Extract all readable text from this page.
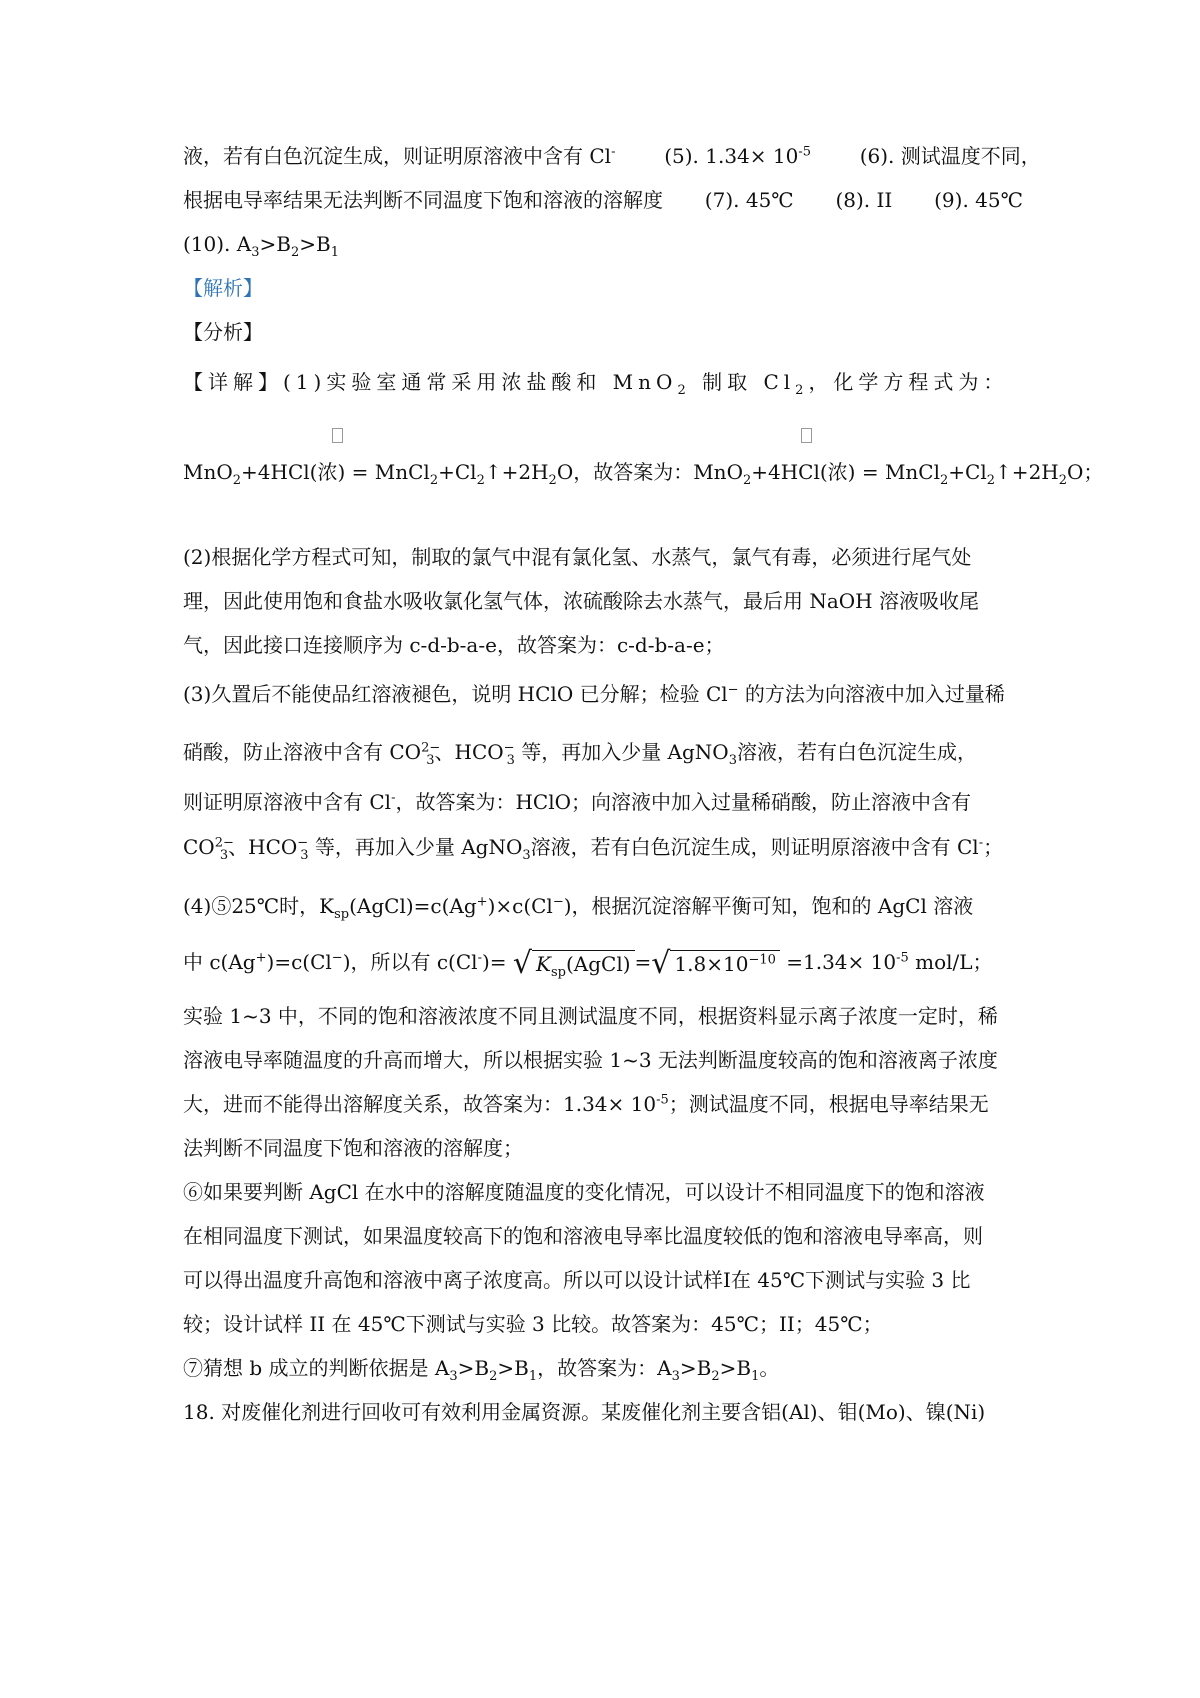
液，若有白色沉淀生成，则证明原溶液中含有 Cl- (5). $1.34\times 10^{-5}$ (6). 测试温度不同，
根据电导率结果无法判断不同温度下饱和溶液的溶解度 (7). 45℃ (8). II (9). 45℃
(10). $A_3>B_2>B_1$
【解析】
【分析】
【详解】(1)实验室通常采用浓盐酸和 MnO$_2$ 制取 $Cl_2$，化学方程式为：
MnO$_2$+4HCl(浓) = $MnCl_2+Cl_2↑+2H_2O$，故答案为：MnO$_2$+4HCl(浓) = $MnCl_2+Cl_2↑+2H_2O$；
(2)根据化学方程式可知，制取的氯气中混有氯化氢、水蒸气，氯气有毒，必须进行尾气处
理，因此使用饱和食盐水吸收氯化氢气体，浓硫酸除去水蒸气，最后用 NaOH 溶液吸收尾
气，因此接口连接顺序为 c-d-b-a-e，故答案为：c-d-b-a-e；
(3)久置后不能使品红溶液褪色，说明 HClO 已分解；检验 Cl− 的方法为向溶液中加入过量稀
硝酸，防止溶液中含有 $CO^{2-}_3$、$HCO^-_3$ 等，再加入少量 AgNO$_3$溶液，若有白色沉淀生成，
则证明原溶液中含有 Cl-，故答案为：HClO；向溶液中加入过量稀硝酸，防止溶液中含有
$CO^{2-}_3$、$HCO^-_3$ 等，再加入少量 AgNO$_3$溶液，若有白色沉淀生成，则证明原溶液中含有 Cl-；
(4)⑤25℃时，$K_{sp}(AgCl)=c(Ag^+)\times c(Cl^-)$，根据沉淀溶解平衡可知，饱和的 AgCl 溶液
中 c(Ag+)=c(Cl−)，所以有 c(Cl-)= √ $K_{sp}(AgCl)$ = √ $1.8\times 10^{-10} =1.34\times 10^{-5}$ mol/L；
实验 1~3 中，不同的饱和溶液浓度不同且测试温度不同，根据资料显示离子浓度一定时，稀
溶液电导率随温度的升高而增大，所以根据实验 1~3 无法判断温度较高的饱和溶液离子浓度
大，进而不能得出溶解度关系，故答案为：$1.34\times 10^{-5}$；测试温度不同，根据电导率结果无
法判断不同温度下饱和溶液的溶解度；
⑥如果要判断 AgCl 在水中的溶解度随温度的变化情况，可以设计不相同温度下的饱和溶液
在相同温度下测试，如果温度较高下的饱和溶液电导率比温度较低的饱和溶液电导率高，则
可以得出温度升高饱和溶液中离子浓度高。所以可以设计试样Ⅰ在 45℃下测试与实验 3 比
较；设计试样 II 在 45℃下测试与实验 3 比较。故答案为：45℃；II；45℃；
⑦猜想 b 成立的判断依据是 $A_3>B_2>B_1$，故答案为：$A_3>B_2>B_1$。
18. 对废催化剂进行回收可有效利用金属资源。某废催化剂主要含铝(Al)、钼(Mo)、镍(Ni)
